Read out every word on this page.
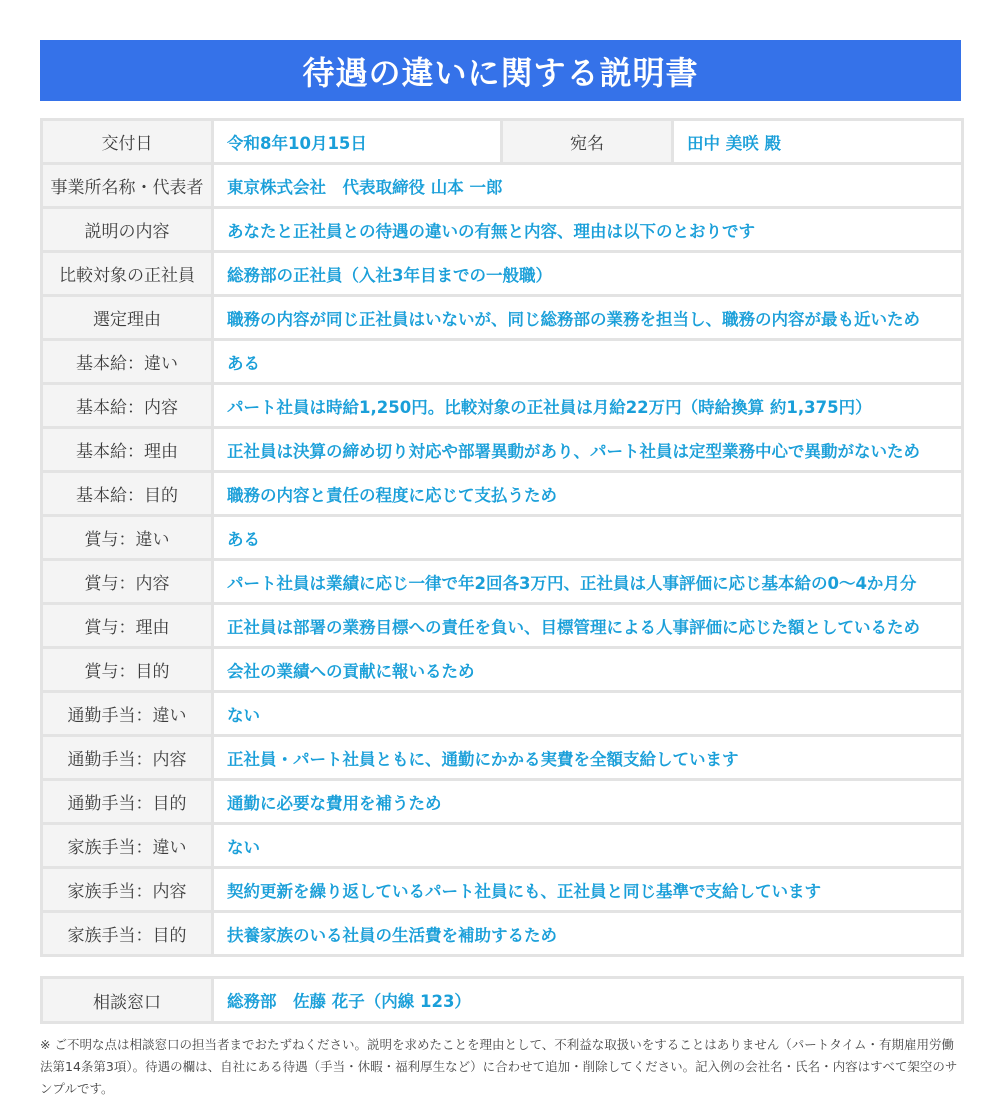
待遇の違いに関する説明書
交付日	令和8年10月15日	宛名	田中 美咲 殿
事業所名称・代表者	東京株式会社　代表取締役 山本 一郎		
説明の内容	あなたと正社員との待遇の違いの有無と内容、理由は以下のとおりです		
比較対象の正社員	総務部の正社員（入社3年目までの一般職）		
選定理由	職務の内容が同じ正社員はいないが、同じ総務部の業務を担当し、職務の内容が最も近いため		
基本給：違い	ある		
基本給：内容	パート社員は時給1,250円。比較対象の正社員は月給22万円（時給換算 約1,375円）		
基本給：理由	正社員は決算の締め切り対応や部署異動があり、パート社員は定型業務中心で異動がないため		
基本給：目的	職務の内容と責任の程度に応じて支払うため		
賞与：違い	ある		
賞与：内容	パート社員は業績に応じ一律で年2回各3万円、正社員は人事評価に応じ基本給の0〜4か月分		
賞与：理由	正社員は部署の業務目標への責任を負い、目標管理による人事評価に応じた額としているため		
賞与：目的	会社の業績への貢献に報いるため		
通勤手当：違い	ない		
通勤手当：内容	正社員・パート社員ともに、通勤にかかる実費を全額支給しています		
通勤手当：目的	通勤に必要な費用を補うため		
家族手当：違い	ない		
家族手当：内容	契約更新を繰り返しているパート社員にも、正社員と同じ基準で支給しています		
家族手当：目的	扶養家族のいる社員の生活費を補助するため		
相談窓口	総務部　佐藤 花子（内線 123）
※ ご不明な点は相談窓口の担当者までおたずねください。説明を求めたことを理由として、不利益な取扱いをすることはありません（パートタイム・有期雇用労働法第14条第3項）。待遇の欄は、自社にある待遇（手当・休暇・福利厚生など）に合わせて追加・削除してください。記入例の会社名・氏名・内容はすべて架空のサンプルです。
